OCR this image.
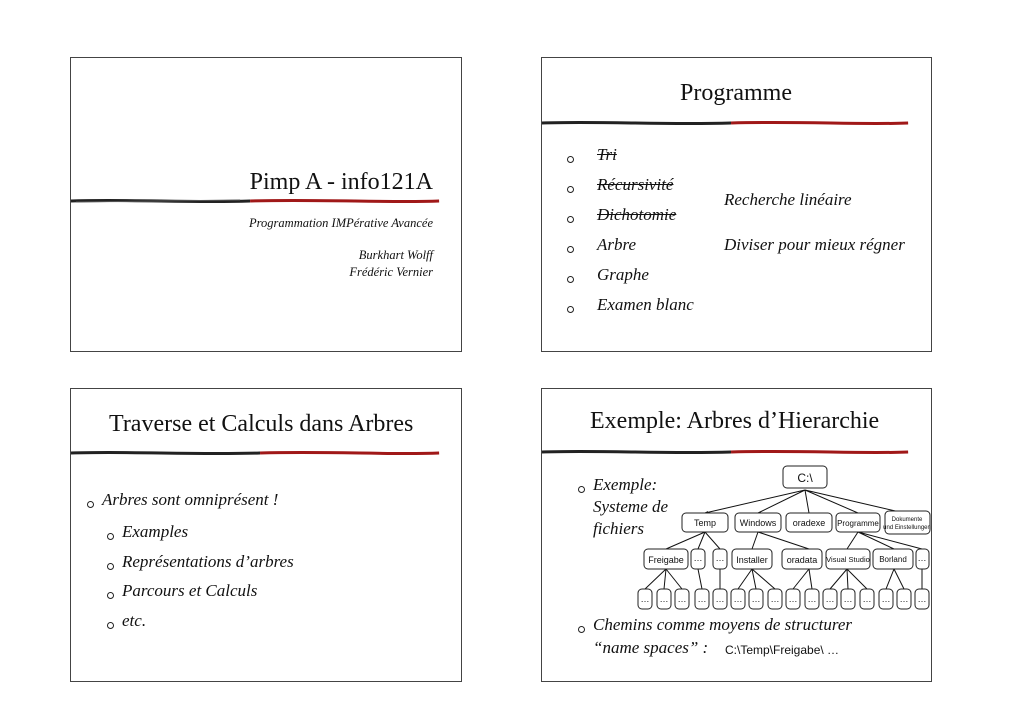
Pimp A - info121A
Programmation IMPérative Avancée
Burkhart Wolff
Frédéric Vernier
Programme
Tri
Récursivité
Dichotomie
Arbre
Graphe
Examen blanc
Recherche linéaire
Diviser pour mieux régner
Traverse et Calculs dans Arbres
Arbres sont omniprésent !
Examples
Représentations d’arbres
Parcours et Calculs
etc.
Exemple: Arbres d’Hierarchie
Exemple:
Systeme de
fichiers
C:\
Temp	Windows oradexe Programme Dokumente
und Einstellungen
Freigabe … … Installer oradata Visual Studio Borland …
… … … … … … … … … … … … … … … …
Chemins comme moyens de structurer
“name spaces” : C:\Temp\Freigabe\ …
